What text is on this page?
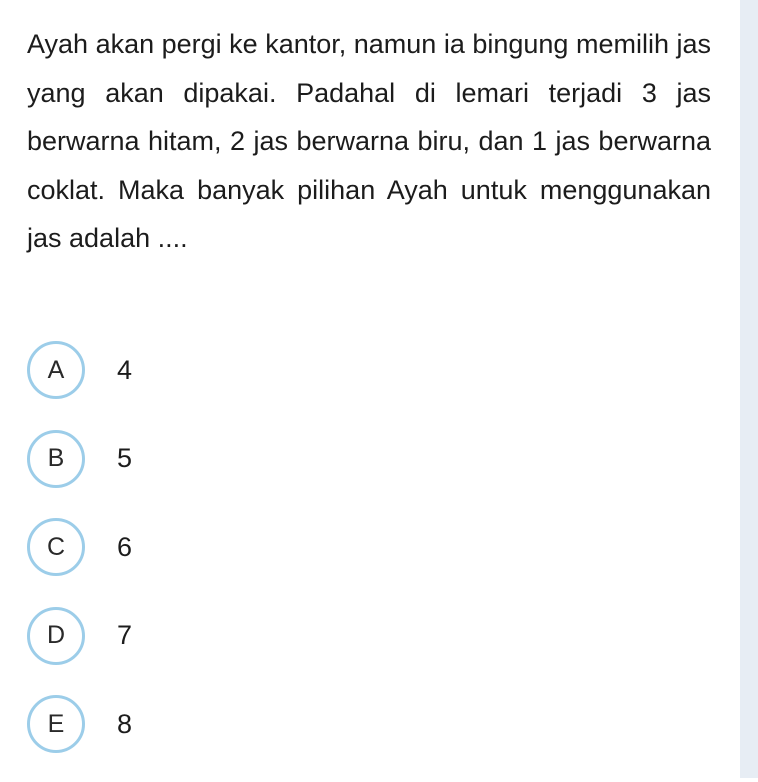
Ayah akan pergi ke kantor, namun ia bingung memilih jas yang akan dipakai. Padahal di lemari terjadi 3 jas berwarna hitam, 2 jas berwarna biru, dan 1 jas berwarna coklat. Maka banyak pilihan Ayah untuk menggunakan jas adalah ....

A	4
B	5
C	6
D	7
E	8
